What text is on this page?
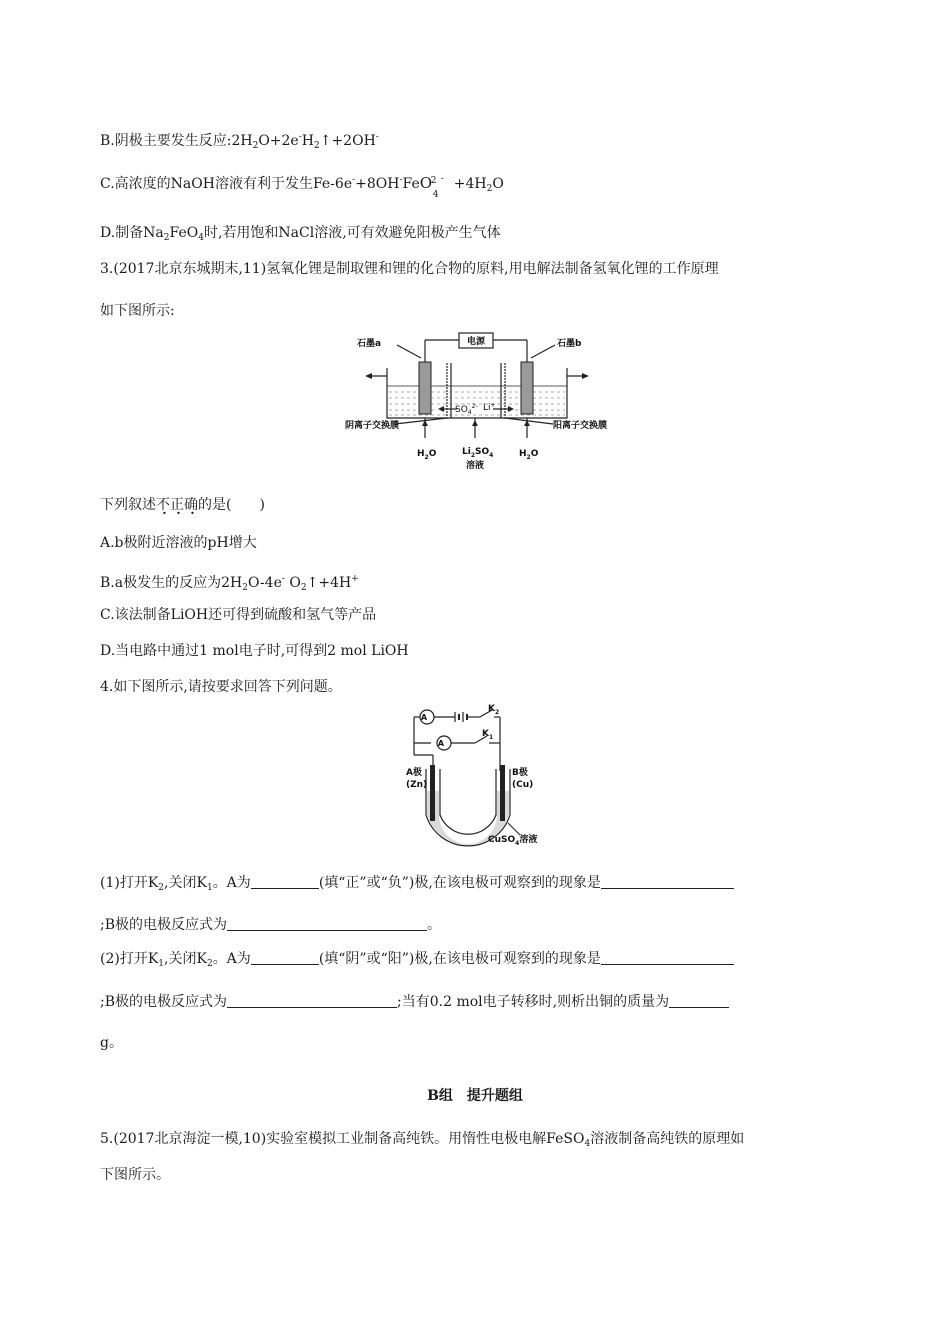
B.阴极主要发生反应$:2H_2O+2e^-H_2↑+2OH^-$
C.高浓度的NaOH溶液有利于发生Fe-6e-+8OH-Fe O
2 -
4
$+4H_2O$
D.制备$Na_2FeO_4$时,若用饱和NaCl溶液,可有效避免阳极产生气体
3.(2017北京东城期末,11)氢氧化锂是制取锂和锂的化合物的原料,用电解法制备氢氧化锂的工作原理
如下图所示:
电源
石墨a	石墨b
$SO_4^{2-}$ Li+
阴离子交换膜	阳离子交换膜
$H_2O$	$Li_2SO_4$
溶液
$H_2O$
下列叙述不正确的是(　　)
A.b极附近溶液的pH增大
B.a极发生的反应为$2H_2O-4e^-$ $O_2↑+4H^+$
C.该法制备LiOH还可得到硫酸和氢气等产品
D.当电路中通过1 mol电子时,可得到2 mol LiOH
4.如下图所示,请按要求回答下列问题。
A
A
$K_2$
$K_1$
A极
(Zn)
B极
(Cu)
CuSO$_4$溶液
(1)打开$K_2$,关闭$K_1$。A为	(填“正”或“负”)极,在该电极可观察到的现象是
;B极的电极反应式为	。
(2)打开$K_1$,关闭$K_2$。A为	(填“阴”或“阳”)极,在该电极可观察到的现象是
;B极的电极反应式为	;当有0.2 mol电子转移时,则析出铜的质量为
g。
B组　提升题组
5.(2017北京海淀一模,10)实验室模拟工业制备高纯铁。用惰性电极电解FeSO$_4$溶液制备高纯铁的原理如
下图所示。
